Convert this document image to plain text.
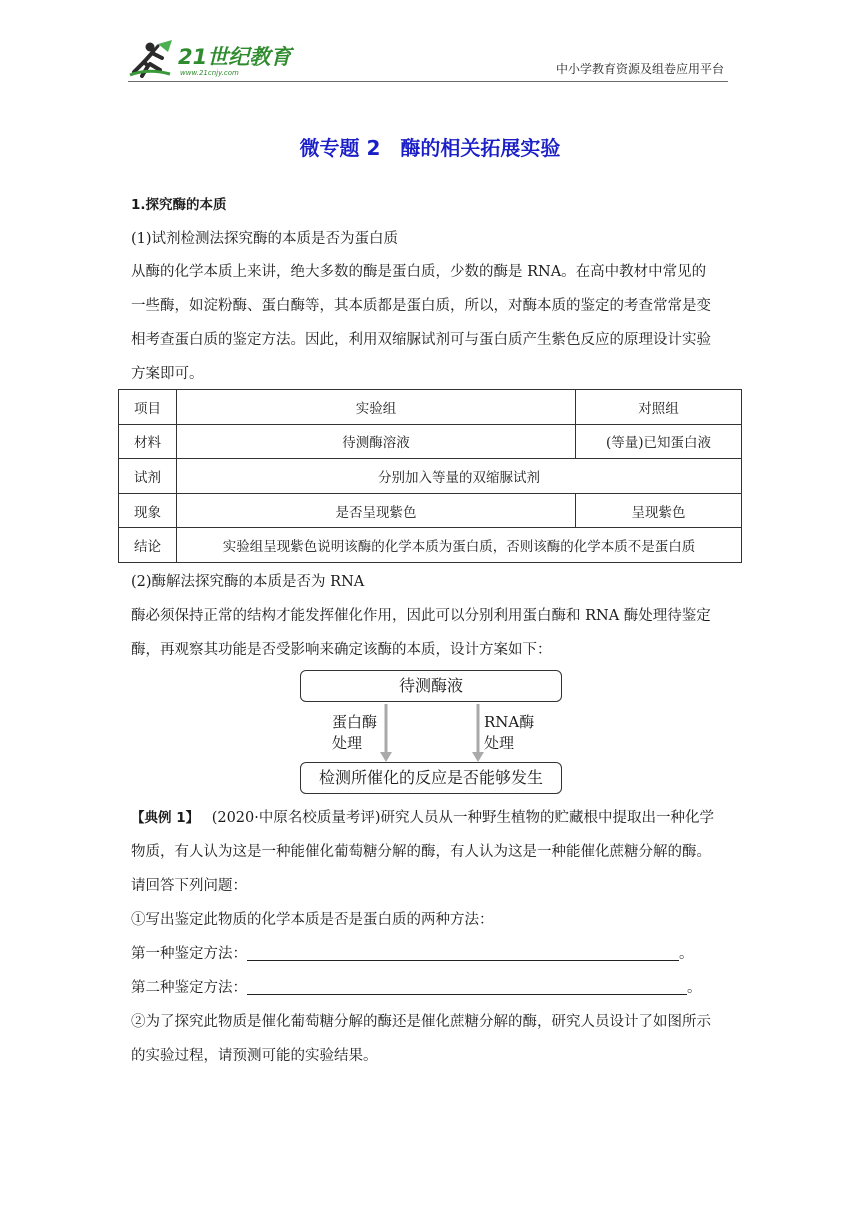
21世纪教育
www.21cnjy.com	中小学教育资源及组卷应用平台
微专题 2　酶的相关拓展实验
1.探究酶的本质
(1)试剂检测法探究酶的本质是否为蛋白质
从酶的化学本质上来讲，绝大多数的酶是蛋白质，少数的酶是 RNA。在高中教材中常见的
一些酶，如淀粉酶、蛋白酶等，其本质都是蛋白质，所以，对酶本质的鉴定的考查常常是变
相考查蛋白质的鉴定方法。因此，利用双缩脲试剂可与蛋白质产生紫色反应的原理设计实验
方案即可。
项目	实验组	对照组
材料	待测酶溶液	(等量)已知蛋白液
试剂	分别加入等量的双缩脲试剂	
现象	是否呈现紫色	呈现紫色
结论	实验组呈现紫色说明该酶的化学本质为蛋白质，否则该酶的化学本质不是蛋白质	
(2)酶解法探究酶的本质是否为 RNA
酶必须保持正常的结构才能发挥催化作用，因此可以分别利用蛋白酶和 RNA 酶处理待鉴定
酶，再观察其功能是否受影响来确定该酶的本质，设计方案如下：
待测酶液
蛋白酶
处理
RNA酶
处理
检测所催化的反应是否能够发生
【典例 1】 (2020·中原名校质量考评)研究人员从一种野生植物的贮藏根中提取出一种化学
物质，有人认为这是一种能催化葡萄糖分解的酶，有人认为这是一种能催化蔗糖分解的酶。
请回答下列问题：
①写出鉴定此物质的化学本质是否是蛋白质的两种方法：
第一种鉴定方法：	。
第二种鉴定方法：	。
②为了探究此物质是催化葡萄糖分解的酶还是催化蔗糖分解的酶，研究人员设计了如图所示
的实验过程，请预测可能的实验结果。
